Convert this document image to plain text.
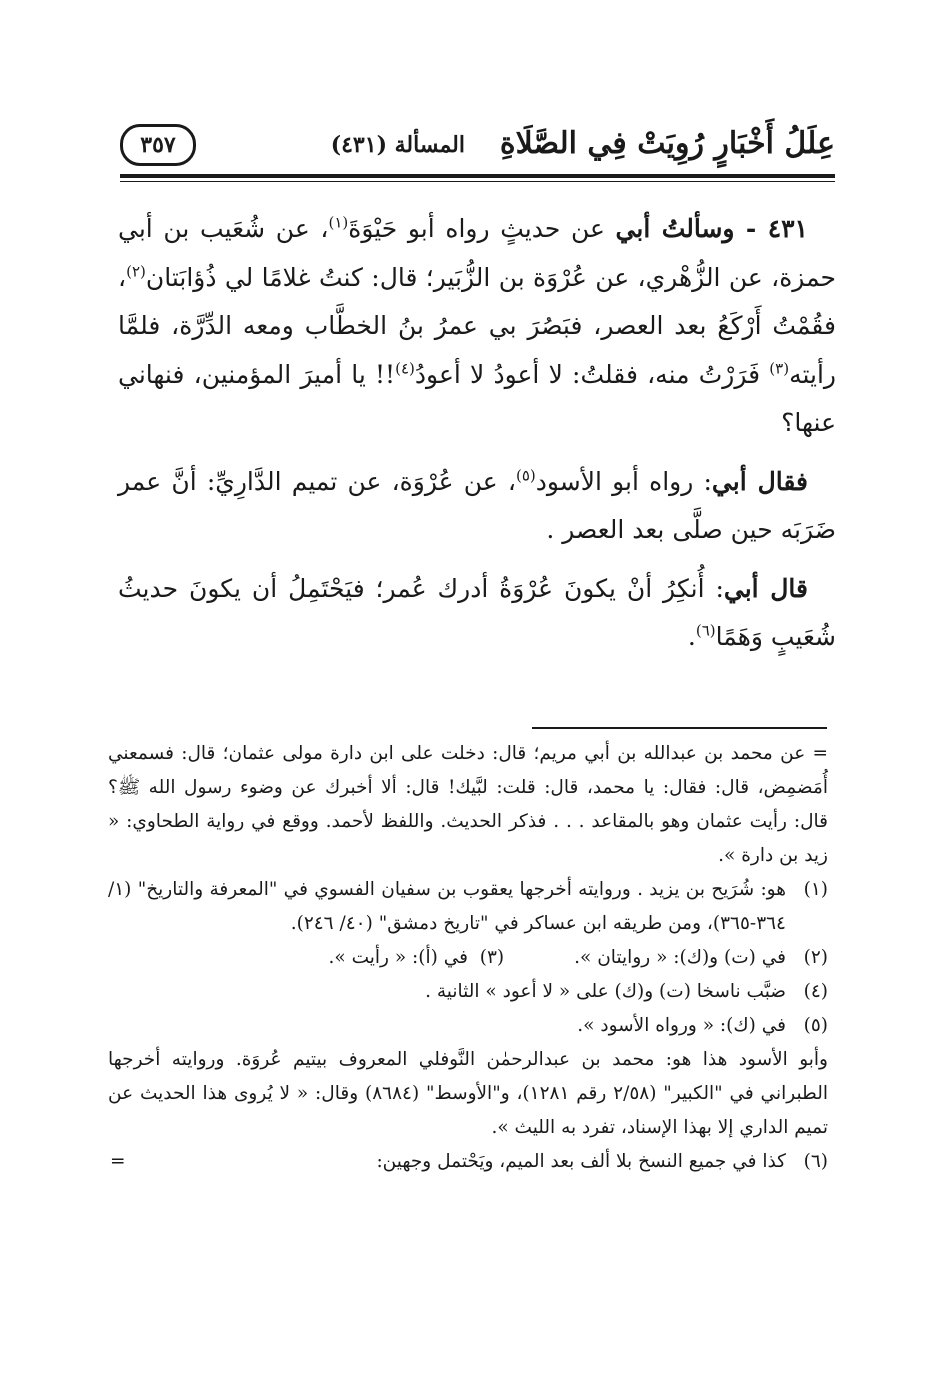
عِلَلُ أَخْبَارٍ رُوِيَتْ فِي الصَّلَاةِ
المسألة (٤٣١)
٣٥٧

٤٣١ - وسألتُ أبي عن حديثٍ رواه أبو حَيْوَةَ$^{(١)}$، عن شُعَيب بن أبي حمزة، عن الزُّهْري، عن عُرْوَة بن الزُّبَير؛ قال: كنتُ غلامًا لي ذُؤابَتان$^{(٢)}$، فقُمْتُ أَرْكَعُ بعد العصر، فبَصُرَ بي عمرُ بنُ الخطَّاب ومعه الدِّرَّة، فلمَّا رأيته$^{(٣)}$ فَرَرْتُ منه، فقلتُ: لا أعودُ لا أعودُ$^{(٤)}$!! يا أميرَ المؤمنين، فنهاني عنها؟

فقال أبي: رواه أبو الأسود$^{(٥)}$، عن عُرْوَة، عن تميم الدَّارِيِّ: أنَّ عمر ضَرَبَه حين صلَّى بعد العصر .

قال أبي: أُنكِرُ أنْ يكونَ عُرْوَةُ أدرك عُمر؛ فيَحْتَمِلُ أن يكونَ حديثُ شُعَيبٍ وَهَمًا$^{(٦)}$.

= عن محمد بن عبدالله بن أبي مريم؛ قال: دخلت على ابن دارة مولى عثمان؛ قال: فسمعني أُمَضمِض، قال: فقال: يا محمد، قال: قلت: لبَّيك! قال: ألا أخبرك عن وضوء رسول الله ﷺ؟ قال: رأيت عثمان وهو بالمقاعد . . . فذكر الحديث. واللفظ لأحمد. ووقع في رواية الطحاوي: « زيد بن دارة ».

(١)
هو: شُرَيح بن يزيد . وروايته أخرجها يعقوب بن سفيان الفسوي في "المعرفة والتاريخ" (١/ ٣٦٤-٣٦٥)، ومن طريقه ابن عساكر في "تاريخ دمشق" (٤٠/ ٢٤٦).
(٢)
في (ت) و(ك): « روايتان ».(٣)  في (أ): « رأيت ».
(٤)
ضبَّب ناسخا (ت) و(ك) على « لا أعود » الثانية .
(٥)
في (ك): « ورواه الأسود ».

وأبو الأسود هذا هو: محمد بن عبدالرحمٰن النَّوفلي المعروف بيتيم عُروَة. وروايته أخرجها الطبراني في "الكبير" (٢/٥٨ رقم ١٢٨١)، و"الأوسط" (٨٦٨٤) وقال: « لا يُروى هذا الحديث عن تميم الداري إلا بهذا الإسناد، تفرد به الليث ».

(٦)
كذا في جميع النسخ بلا ألف بعد الميم، ويَحْتمل وجهين:
=
